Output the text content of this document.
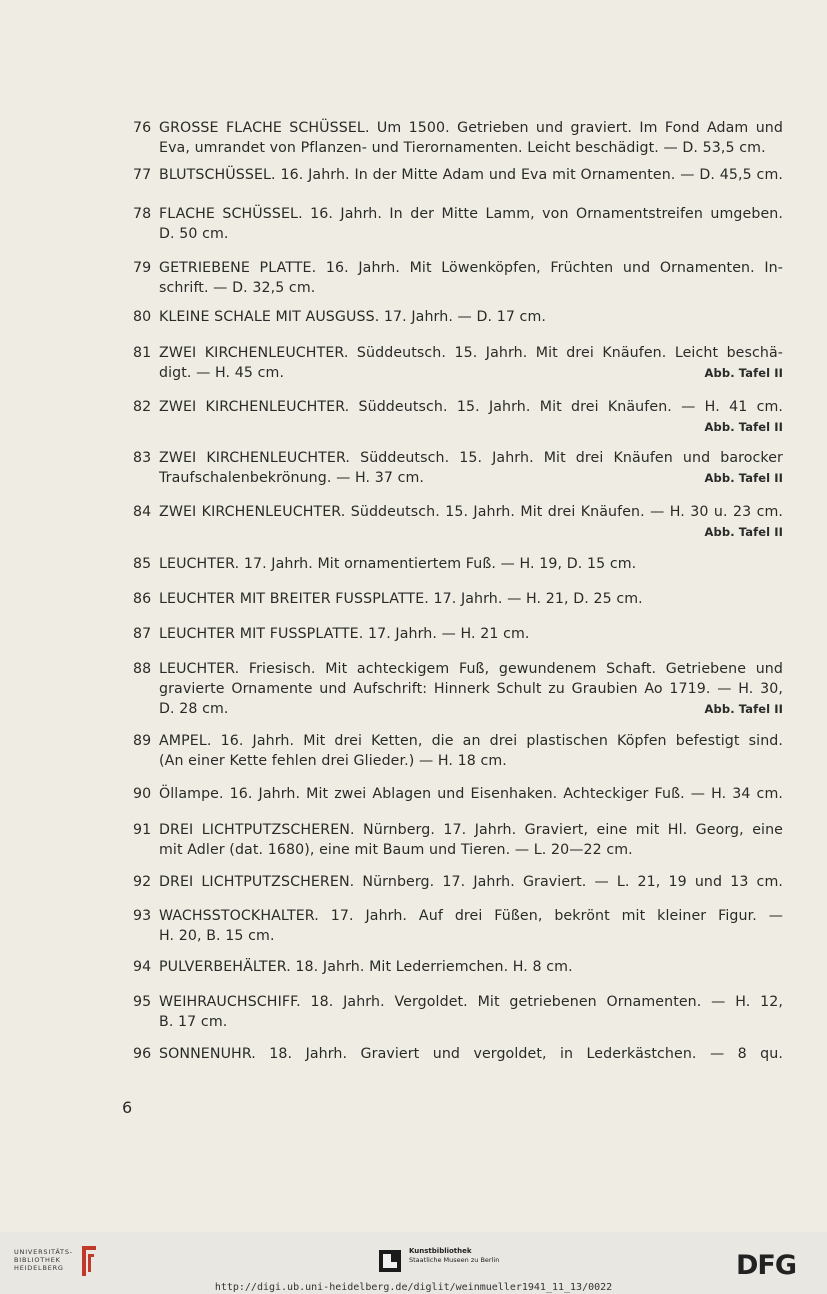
76 GROSSE FLACHE SCHÜSSEL. Um 1500. Getrieben und graviert. Im Fond Adam und
Eva, umrandet von Pflanzen- und Tierornamenten. Leicht beschädigt. — D. 53,5 cm.
77 BLUTSCHÜSSEL. 16. Jahrh. In der Mitte Adam und Eva mit Ornamenten. — D. 45,5 cm.
78 FLACHE SCHÜSSEL. 16. Jahrh. In der Mitte Lamm, von Ornamentstreifen umgeben.
D. 50 cm.
79 GETRIEBENE PLATTE. 16. Jahrh. Mit Löwenköpfen, Früchten und Ornamenten. In-
schrift. — D. 32,5 cm.
80 KLEINE SCHALE MIT AUSGUSS. 17. Jahrh. — D. 17 cm.
81 ZWEI KIRCHENLEUCHTER. Süddeutsch. 15. Jahrh. Mit drei Knäufen. Leicht beschä-
digt. — H. 45 cm.	Abb. Tafel II
82 ZWEI KIRCHENLEUCHTER. Süddeutsch. 15. Jahrh. Mit drei Knäufen. — H. 41 cm.
Abb. Tafel II
83 ZWEI KIRCHENLEUCHTER. Süddeutsch. 15. Jahrh. Mit drei Knäufen und barocker
Traufschalenbekrönung. — H. 37 cm.	Abb. Tafel II
84 ZWEI KIRCHENLEUCHTER. Süddeutsch. 15. Jahrh. Mit drei Knäufen. — H. 30 u. 23 cm.
Abb. Tafel II
85 LEUCHTER. 17. Jahrh. Mit ornamentiertem Fuß. — H. 19, D. 15 cm.
86 LEUCHTER MIT BREITER FUSSPLATTE. 17. Jahrh. — H. 21, D. 25 cm.
87 LEUCHTER MIT FUSSPLATTE. 17. Jahrh. — H. 21 cm.
88 LEUCHTER. Friesisch. Mit achteckigem Fuß, gewundenem Schaft. Getriebene und
gravierte Ornamente und Aufschrift: Hinnerk Schult zu Graubien Ao 1719. — H. 30,
D. 28 cm.	Abb. Tafel II
89 AMPEL. 16. Jahrh. Mit drei Ketten, die an drei plastischen Köpfen befestigt sind.
(An einer Kette fehlen drei Glieder.) — H. 18 cm.
90 Öllampe. 16. Jahrh. Mit zwei Ablagen und Eisenhaken. Achteckiger Fuß. — H. 34 cm.
91 DREI LICHTPUTZSCHEREN. Nürnberg. 17. Jahrh. Graviert, eine mit Hl. Georg, eine
mit Adler (dat. 1680), eine mit Baum und Tieren. — L. 20—22 cm.
92 DREI LICHTPUTZSCHEREN. Nürnberg. 17. Jahrh. Graviert. — L. 21, 19 und 13 cm.
93 WACHSSTOCKHALTER. 17. Jahrh. Auf drei Füßen, bekrönt mit kleiner Figur. —
H. 20, B. 15 cm.
94 PULVERBEHÄLTER. 18. Jahrh. Mit Lederriemchen. H. 8 cm.
95 WEIHRAUCHSCHIFF. 18. Jahrh. Vergoldet. Mit getriebenen Ornamenten. — H. 12,
B. 17 cm.
96 SONNENUHR. 18. Jahrh. Graviert und vergoldet, in Lederkästchen. — 8 qu.
6
UNIVERSITÄTS-
BIBLIOTHEK
HEIDELBERG
Kunstbibliothek
Staatliche Museen zu Berlin	DFG
http://digi.ub.uni-heidelberg.de/diglit/weinmueller1941_11_13/0022
